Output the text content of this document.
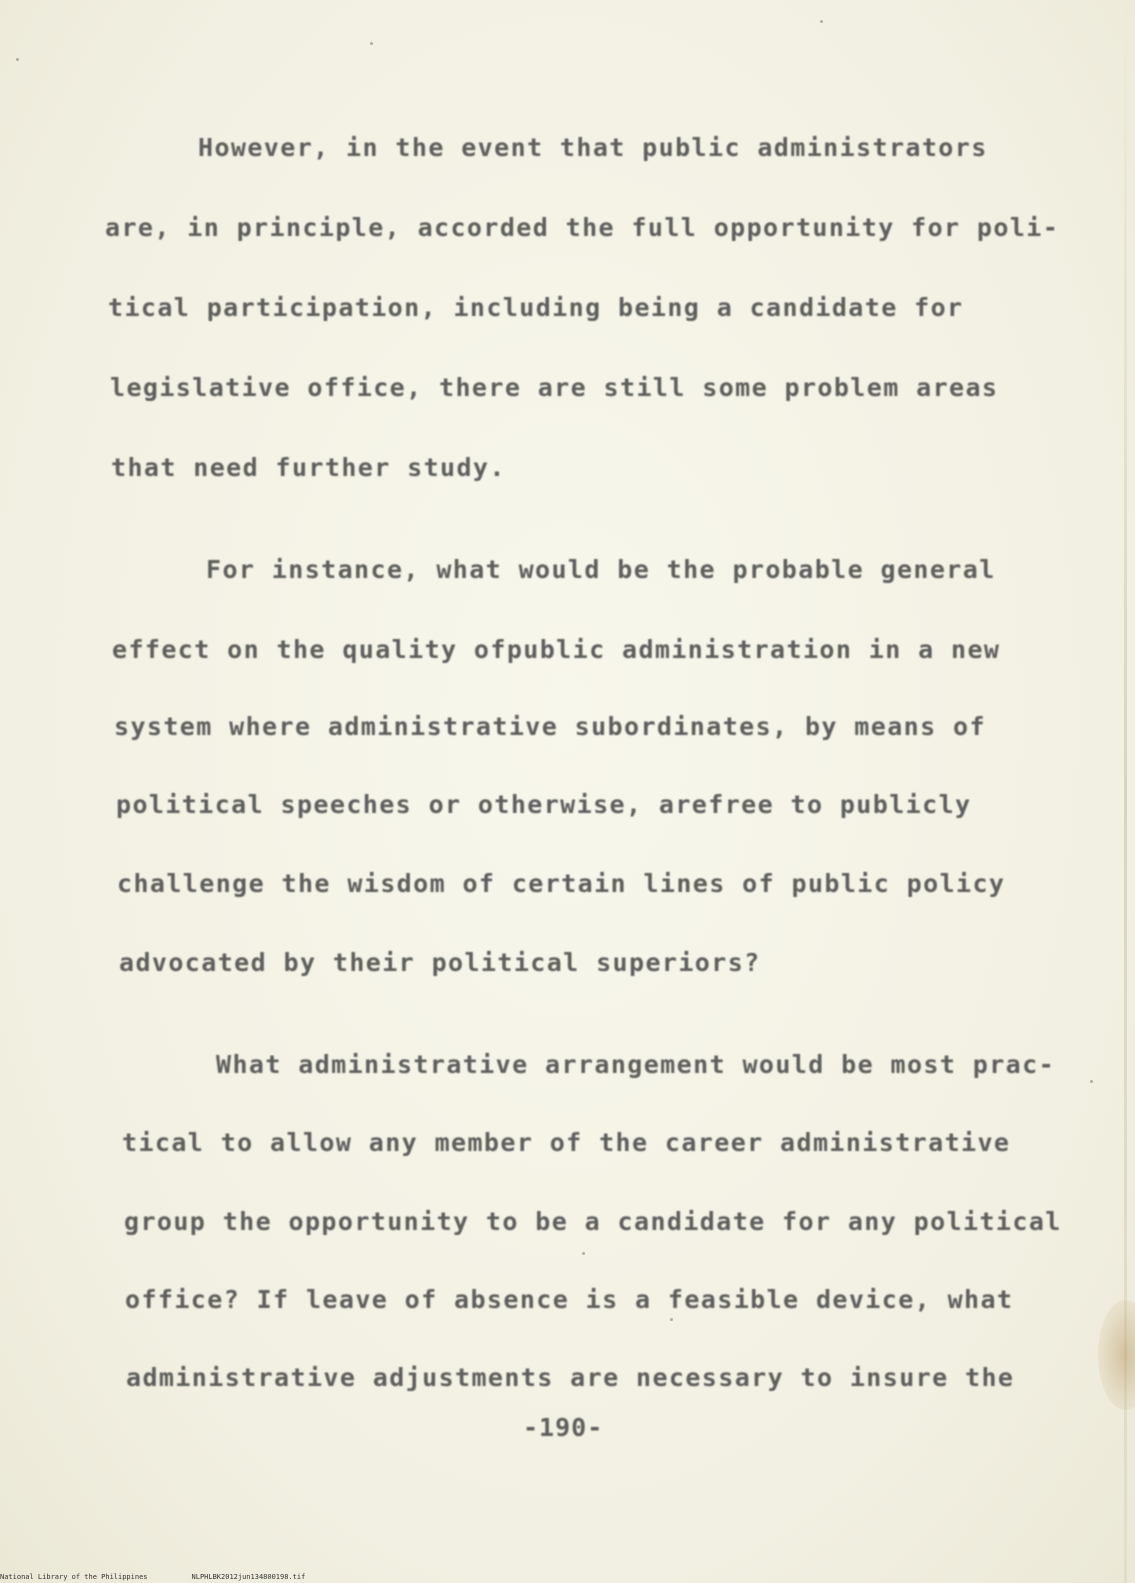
However, in the event that public administrators

are, in principle, accorded the full opportunity for poli-

tical participation, including being a candidate for

legislative office, there are still some problem areas

that need further study.

For instance, what would be the probable general

effect on the quality ofpublic administration in a new

system where administrative subordinates, by means of

political speeches or otherwise, arefree to publicly

challenge the wisdom of certain lines of public policy

advocated by their political superiors?

What administrative arrangement would be most prac-

tical to allow any member of the career administrative

group the opportunity to be a candidate for any political

office? If leave of absence is a feasible device, what

administrative adjustments are necessary to insure the

-190-

National Library of the Philippines	NLPHLBK2012jun134800198.tif
